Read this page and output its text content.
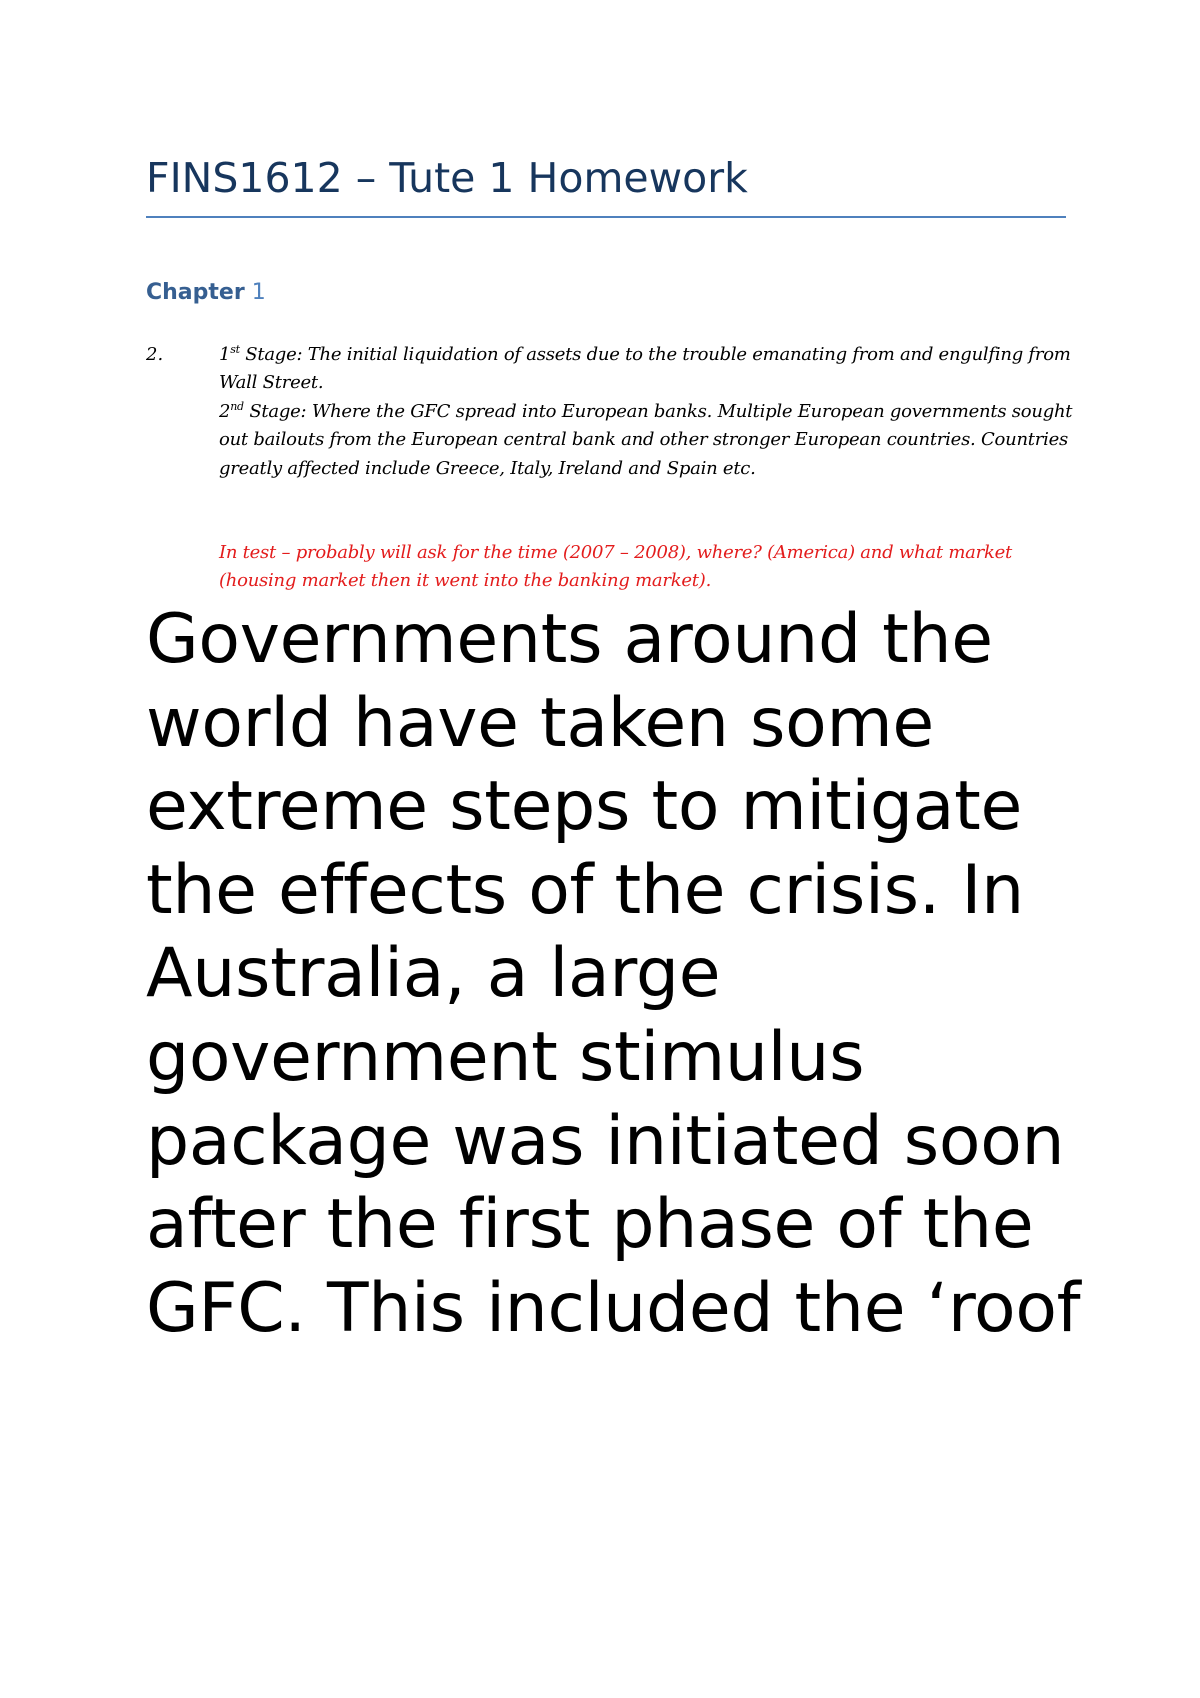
FINS1612 – Tute 1 Homework
Chapter 1
2.	1st Stage: The initial liquidation of assets due to the trouble emanating from and engulfing from Wall Street.

2nd Stage: Where the GFC spread into European banks. Multiple European governments sought out bailouts from the European central bank and other stronger European countries. Countries greatly affected include Greece, Italy, Ireland and Spain etc.

In test – probably will ask for the time (2007 – 2008), where? (America) and what market (housing market then it went into the banking market).
Governments around the world have taken some extreme steps to mitigate the effects of the crisis. In Australia, a large government stimulus package was initiated soon after the first phase of the GFC. This included the ‘roof
